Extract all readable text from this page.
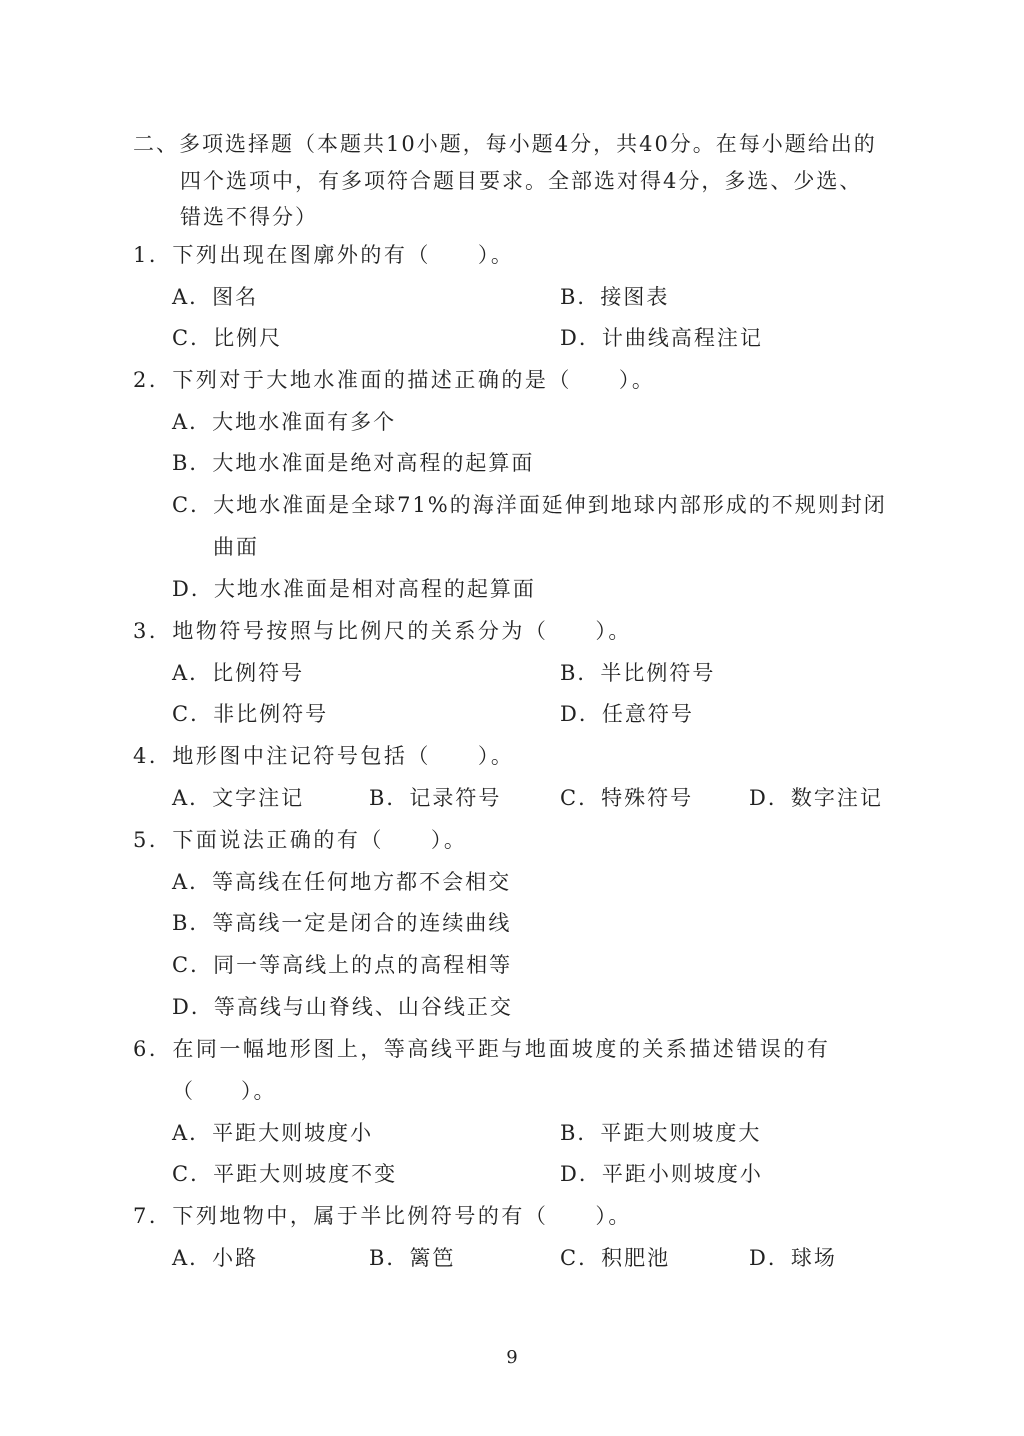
二、多项选择题（本题共10小题，每小题4分，共40分。在每小题给出的
四个选项中，有多项符合题目要求。全部选对得4分，多选、少选、
错选不得分）
1．下列出现在图廓外的有（　　）。
A．图名	B．接图表
C．比例尺	D．计曲线高程注记
2．下列对于大地水准面的描述正确的是（　　）。
A．大地水准面有多个
B．大地水准面是绝对高程的起算面
C．大地水准面是全球71%的海洋面延伸到地球内部形成的不规则封闭
曲面
D．大地水准面是相对高程的起算面
3．地物符号按照与比例尺的关系分为（　　）。
A．比例符号	B．半比例符号
C．非比例符号	D．任意符号
4．地形图中注记符号包括（　　）。
A．文字注记	B．记录符号	C．特殊符号	D．数字注记
5．下面说法正确的有（　　）。
A．等高线在任何地方都不会相交
B．等高线一定是闭合的连续曲线
C．同一等高线上的点的高程相等
D．等高线与山脊线、山谷线正交
6．在同一幅地形图上，等高线平距与地面坡度的关系描述错误的有
（　　）。
A．平距大则坡度小	B．平距大则坡度大
C．平距大则坡度不变	D．平距小则坡度小
7．下列地物中，属于半比例符号的有（　　）。
A．小路	B．篱笆	C．积肥池	D．球场
9
